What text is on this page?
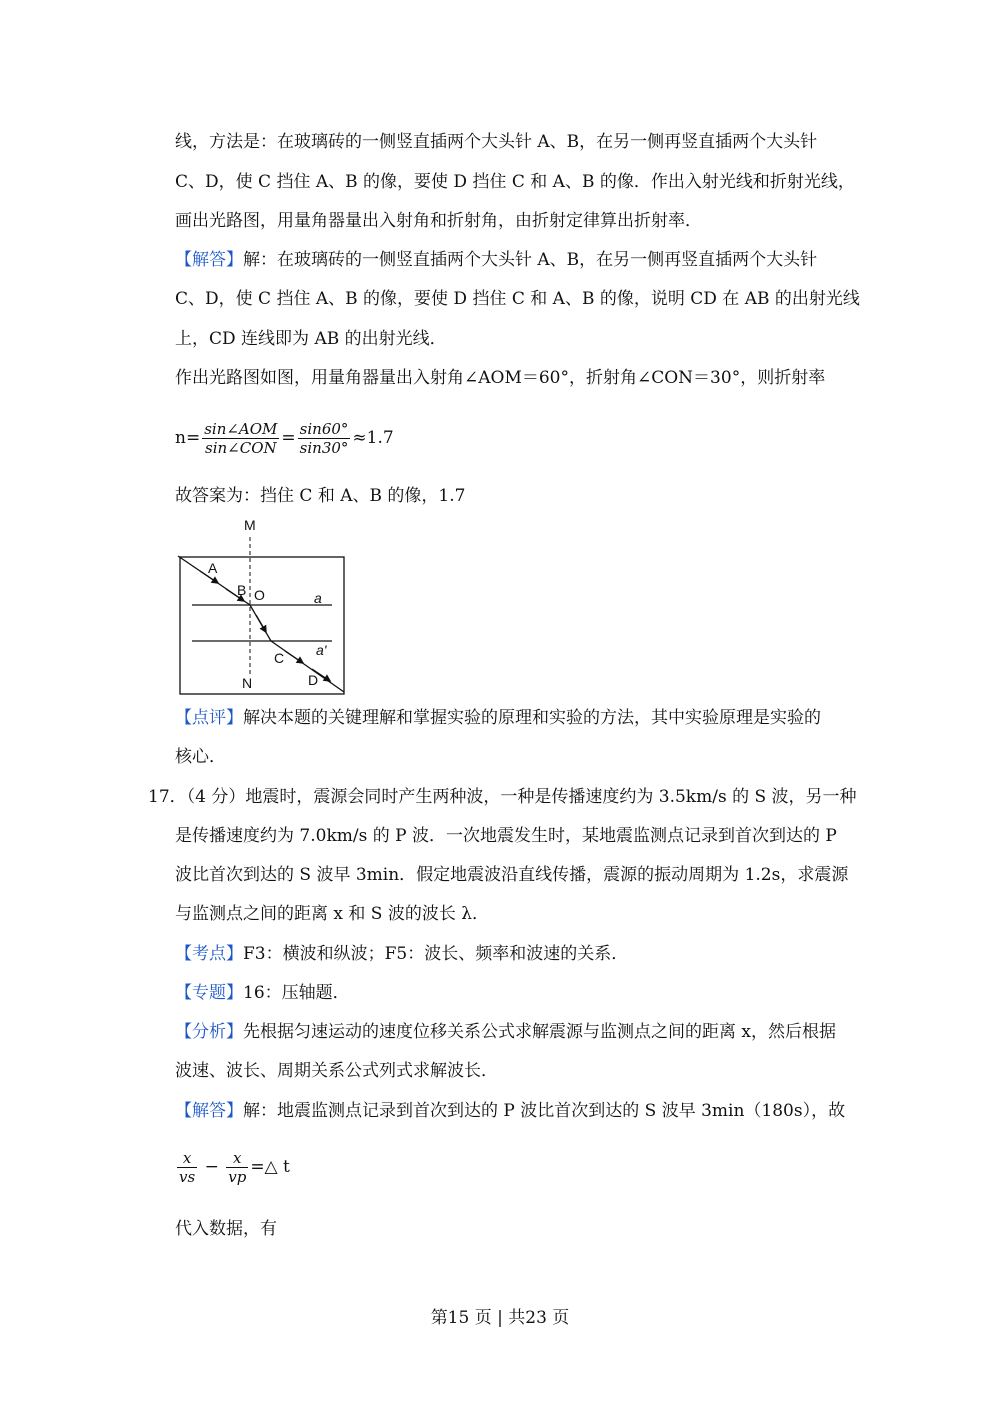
线，方法是：在玻璃砖的一侧竖直插两个大头针 A、B，在另一侧再竖直插两个大头针
C、D，使 C 挡住 A、B 的像，要使 D 挡住 C 和 A、B 的像．作出入射光线和折射光线，
画出光路图，用量角器量出入射角和折射角，由折射定律算出折射率．
【解答】解：在玻璃砖的一侧竖直插两个大头针 A、B，在另一侧再竖直插两个大头针
C、D，使 C 挡住 A、B 的像，要使 D 挡住 C 和 A、B 的像，说明 CD 在 AB 的出射光线
上，CD 连线即为 AB 的出射光线．
作出光路图如图，用量角器量出入射角∠AOM＝60°，折射角∠CON＝30°，则折射率
$n= \frac{\text{sin∠AOM}}{\text{sin∠CON}} = \frac{\sin 60^\circ}{\sin 30^\circ} \approx 1.7$
故答案为：挡住 C 和 A、B 的像，1.7
M
N
A
B O
C
D
a
a'
【点评】解决本题的关键理解和掌握实验的原理和实验的方法，其中实验原理是实验的
核心．
17．（4 分）地震时，震源会同时产生两种波，一种是传播速度约为 3.5km/s 的 S 波，另一种
是传播速度约为 7.0km/s 的 P 波．一次地震发生时，某地震监测点记录到首次到达的 P
波比首次到达的 S 波早 3min．假定地震波沿直线传播，震源的振动周期为 1.2s，求震源
与监测点之间的距离 x 和 S 波的波长 λ．
【考点】F3：横波和纵波；F5：波长、频率和波速的关系．
【专题】16：压轴题．
【分析】先根据匀速运动的速度位移关系公式求解震源与监测点之间的距离 x，然后根据
波速、波长、周期关系公式列式求解波长．
【解答】解：地震监测点记录到首次到达的 P 波比首次到达的 S 波早 3min（180s），故
$\frac{x}{vs} - \frac{x}{vp}$ =△ t
代入数据，有
第15 页 | 共23 页
